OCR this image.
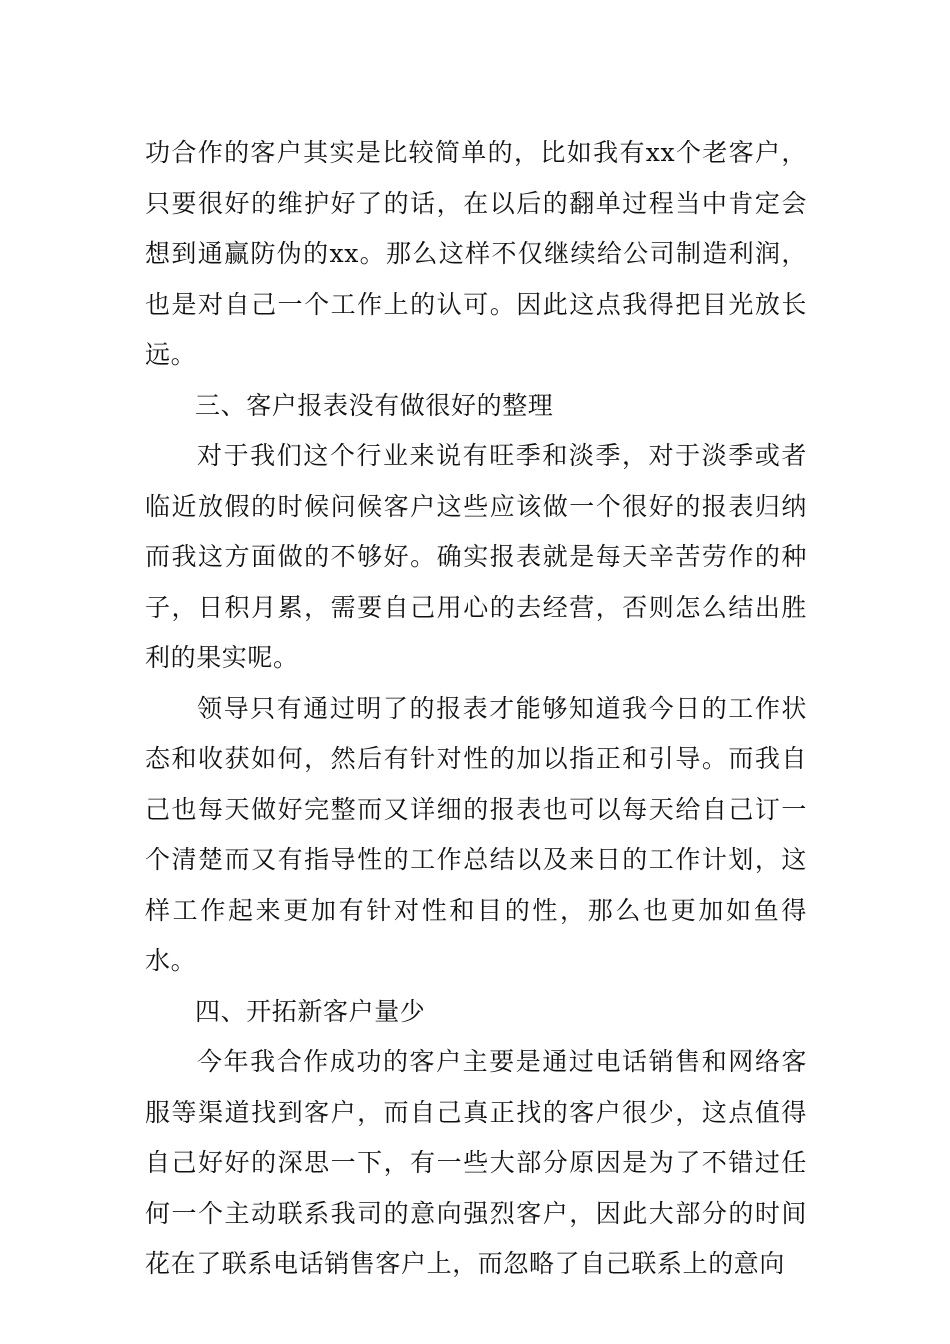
功合作的客户其实是比较简单的，比如我有xx个老客户，只要很好的维护好了的话，在以后的翻单过程当中肯定会想到通赢防伪的xx。那么这样不仅继续给公司制造利润，也是对自己一个工作上的认可。因此这点我得把目光放长远。

三、客户报表没有做很好的整理

对于我们这个行业来说有旺季和淡季，对于淡季或者临近放假的时候问候客户这些应该做一个很好的报表归纳而我这方面做的不够好。确实报表就是每天辛苦劳作的种子，日积月累，需要自己用心的去经营，否则怎么结出胜利的果实呢。

领导只有通过明了的报表才能够知道我今日的工作状态和收获如何，然后有针对性的加以指正和引导。而我自己也每天做好完整而又详细的报表也可以每天给自己订一个清楚而又有指导性的工作总结以及来日的工作计划，这样工作起来更加有针对性和目的性，那么也更加如鱼得水。

四、开拓新客户量少

今年我合作成功的客户主要是通过电话销售和网络客服等渠道找到客户，而自己真正找的客户很少，这点值得自己好好的深思一下，有一些大部分原因是为了不错过任何一个主动联系我司的意向强烈客户，因此大部分的时间花在了联系电话销售客户上，而忽略了自己联系上的意向
